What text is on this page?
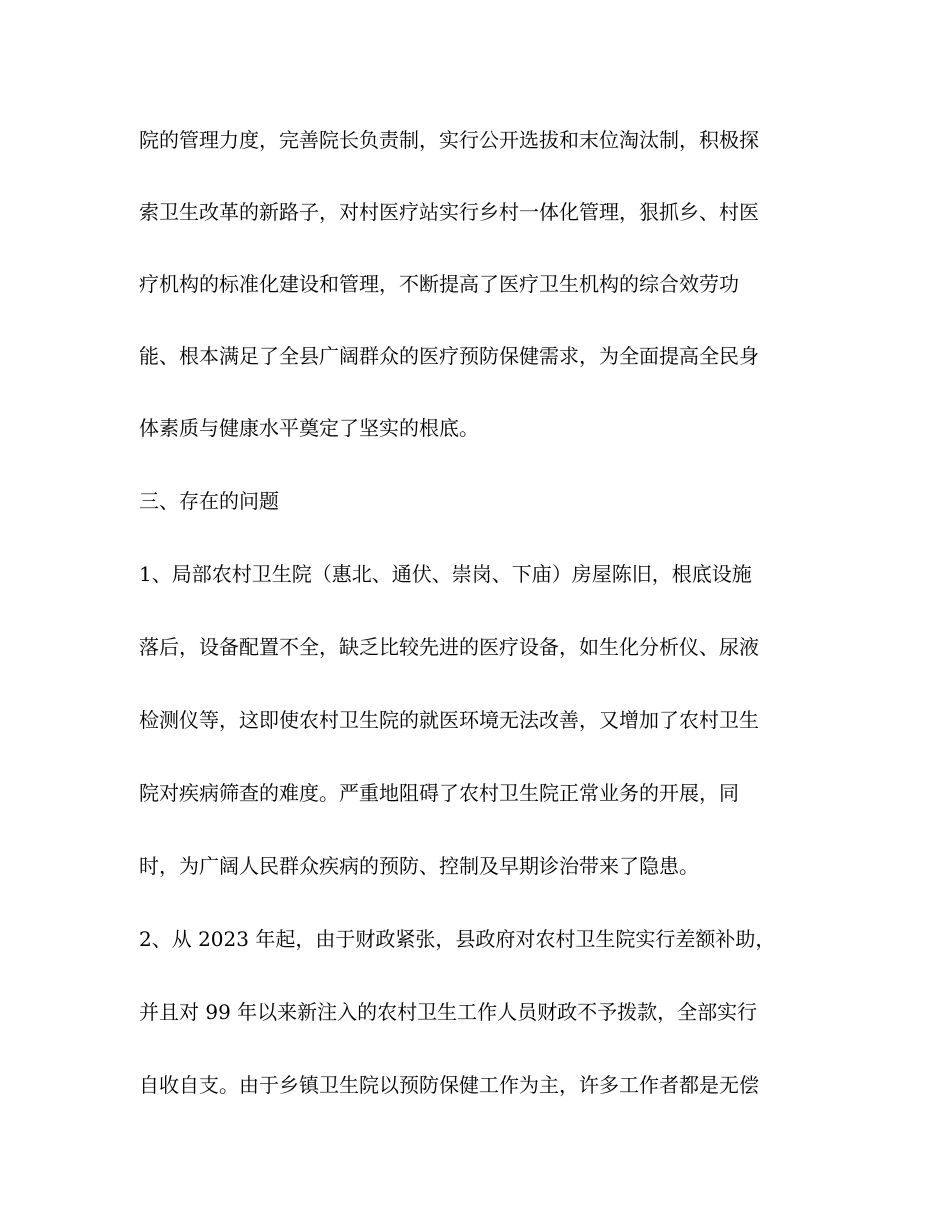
院的管理力度，完善院长负责制，实行公开选拔和末位淘汰制，积极探
索卫生改革的新路子，对村医疗站实行乡村一体化管理，狠抓乡、村医
疗机构的标准化建设和管理，不断提高了医疗卫生机构的综合效劳功
能、根本满足了全县广阔群众的医疗预防保健需求，为全面提高全民身
体素质与健康水平奠定了坚实的根底。
三、存在的问题
1、局部农村卫生院（惠北、通伏、崇岗、下庙）房屋陈旧，根底设施
落后，设备配置不全，缺乏比较先进的医疗设备，如生化分析仪、尿液
检测仪等，这即使农村卫生院的就医环境无法改善，又增加了农村卫生
院对疾病筛查的难度。严重地阻碍了农村卫生院正常业务的开展，同
时，为广阔人民群众疾病的预防、控制及早期诊治带来了隐患。
2、从 2023 年起，由于财政紧张，县政府对农村卫生院实行差额补助，
并且对 99 年以来新注入的农村卫生工作人员财政不予拨款，全部实行
自收自支。由于乡镇卫生院以预防保健工作为主，许多工作者都是无偿
